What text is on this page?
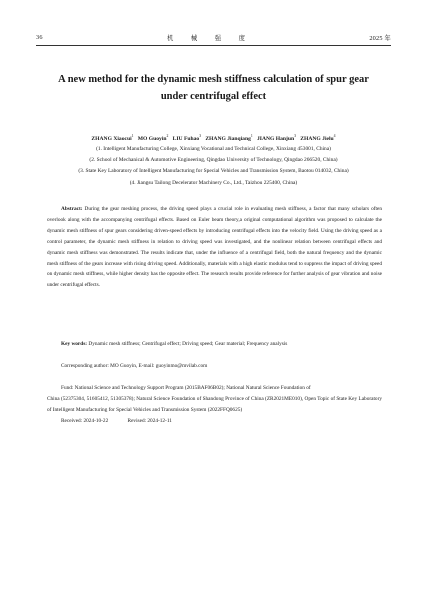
36	机 械 强 度	2025 年
A new method for the dynamic mesh stiffness calculation of spur gear
under centrifugal effect
ZHANG Xiaocui$^1$ MO Guoyin$^2$ LIU Fuhao$^3$ ZHANG Jianqiang$^1$ JIANG Hanjun$^3$ ZHANG Jielu$^4$
(1. Intelligent Manufacturing College, Xinxiang Vocational and Technical College, Xinxiang 453001, China)
(2. School of Mechanical & Automotive Engineering, Qingdao University of Technology, Qingdao 266520, China)
(3. State Key Laboratory of Intelligent Manufacturing for Special Vehicles and Transmission System, Baotou 014032, China)
(4. Jiangsu Tailong Decelerator Machinery Co., Ltd., Taizhou 225400, China)
Abstract: During the gear meshing process, the driving speed plays a crucial role in evaluating mesh stiffness, a factor that many scholars often overlook along with the accompanying centrifugal effects. Based on Euler beam theory,a original computational algorithm was proposed to calculate the dynamic mesh stiffness of spur gears considering driven-speed effects by introducing centrifugal effects into the velocity field. Using the driving speed as a control parameter, the dynamic mesh stiffness in relation to driving speed was investigated, and the nonlinear relation between centrifugal effects and dynamic mesh stiffness was demonstrated. The results indicate that, under the influence of a centrifugal field, both the natural frequency and the dynamic mesh stiffness of the gears increase with rising driving speed. Additionally, materials with a high elastic modulus tend to suppress the impact of driving speed on dynamic mesh stiffness, while higher density has the opposite effect. The research results provide reference for further analysis of gear vibration and noise under centrifugal effects.
Key words: Dynamic mesh stiffness; Centrifugal effect; Driving speed; Gear material; Frequency analysis
Corresponding author: MO Guoyin, E-mail: guoyinmo@mvilab.com
Fund: National Science and Technology Support Program (2015BAF06B02); National Natural Science Foundation of
China (52375304, 51605412, 51305378); Natural Science Foundation of Shandong Province of China (ZR2021ME010), Open Topic of State Key Laboratory of Intelligent Manufacturing for Special Vehicles and Transmission System (2022FFQ0625)
Received: 2024-10-22	Revised: 2024-12-11
